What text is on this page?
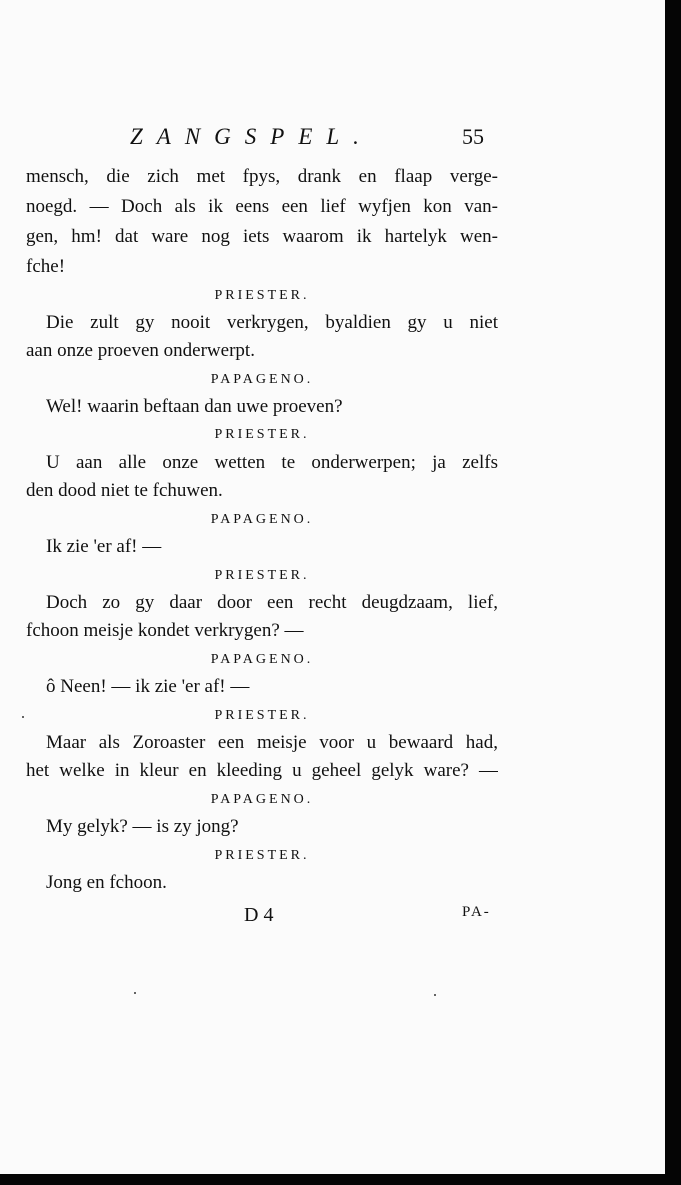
ZANGSPEL.	55
mensch, die zich met fpys, drank en flaap verge-
noegd. — Doch als ik eens een lief wyfjen kon van-
gen, hm! dat ware nog iets waarom ik hartelyk wen-
fche!
PRIESTER.
Die zult gy nooit verkrygen, byaldien gy u niet
aan onze proeven onderwerpt.
PAPAGENO.
Wel! waarin beftaan dan uwe proeven?
PRIESTER.
U aan alle onze wetten te onderwerpen; ja zelfs
den dood niet te fchuwen.
PAPAGENO.
Ik zie 'er af! —
PRIESTER.
Doch zo gy daar door een recht deugdzaam, lief,
fchoon meisje kondet verkrygen? —
PAPAGENO.
ô Neen! — ik zie 'er af! —
PRIESTER.
Maar als Zoroaster een meisje voor u bewaard had,
het welke in kleur en kleeding u geheel gelyk ware? —
PAPAGENO.
My gelyk? — is zy jong?
PRIESTER.
Jong en fchoon.
D 4	PA-
